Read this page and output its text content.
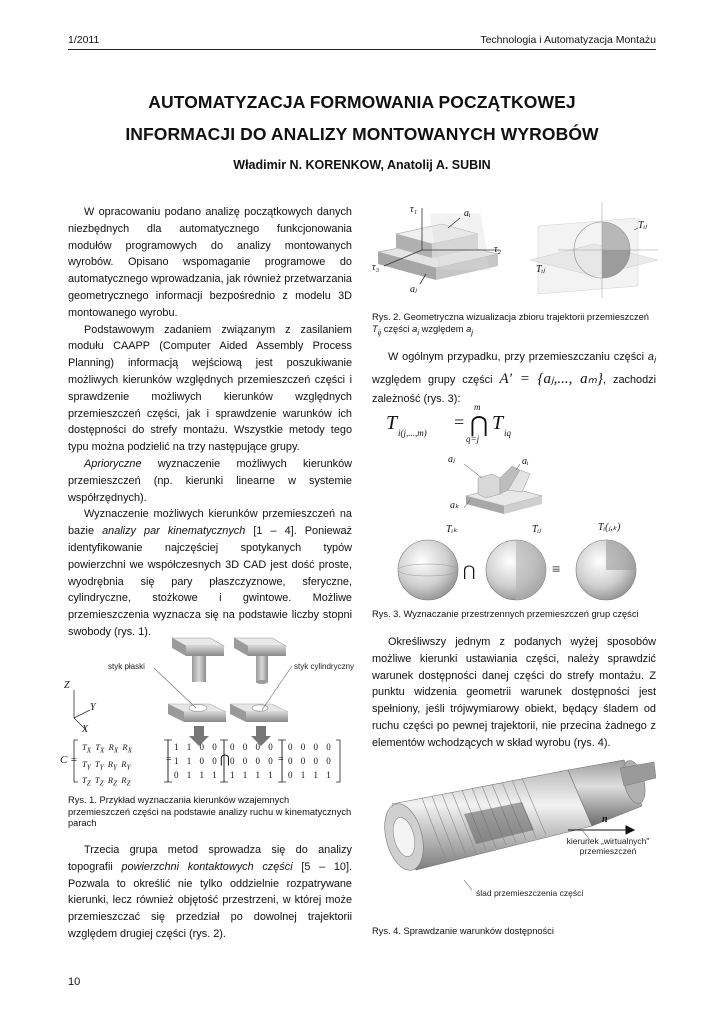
1/2011	Technologia i Automatyzacja Montażu
AUTOMATYZACJA FORMOWANIA POCZĄTKOWEJ
INFORMACJI DO ANALIZY MONTOWANYCH WYROBÓW
Władimir N. KORENKOW, Anatolij A. SUBIN

W opracowaniu podano analizę początkowych danych niezbędnych dla automatycznego funkcjonowania modułów programowych do analizy montowanych wyrobów. Opisano wspomaganie programowe do automatycznego wprowadzania, jak również przetwarzania geometrycznego informacji bezpośrednio z modelu 3D montowanego wyrobu.

Podstawowym zadaniem związanym z zasilaniem modułu CAAPP (Computer Aided Assembly Process Planning) informacją wejściową jest poszukiwanie możliwych kierunków względnych przemieszczeń części i sprawdzenie możliwych kierunków względnych przemieszczeń części, jak i sprawdzenie warunków ich dostępności do strefy montażu. Wszystkie metody tego typu można podzielić na trzy następujące grupy.

Aprioryczne wyznaczenie możliwych kierunków przemieszczeń (np. kierunki linearne w systemie współrzędnych).

Wyznaczenie możliwych kierunków przemieszczeń na bazie analizy par kinematycznych [1 – 4]. Ponieważ identyfikowanie najczęściej spotykanych typów powierzchni we współczesnych 3D CAD jest dość proste, wyodrębnia się pary płaszczyznowe, sferyczne, cylindryczne, stożkowe i gwintowe. Możliwe przemieszczenia wyznacza się na podstawie liczby stopni swobody (rys. 1).

styk płaski	styk cylindryczny
Z
Y
X
C =
$T_X$ $T_X$ $R_X$ $R_X$
$T_Y$ $T_Y$ $R_Y$ $R_Y$
$T_Z$ $T_Z$ $R_Z$ $R_Z$
=
1 1 0 0
1 1 0 0
0 1 1 1
⋂
0 0 0 0
0 0 0 0
1 1 1 1
=
0 0 0 0
0 0 0 0
0 1 1 1
Rys. 1. Przykład wyznaczania kierunków wzajemnych przemieszczeń części na podstawie analizy ruchu w kinematycznych parach

Trzecia grupa metod sprowadza się do analizy topografii powierzchni kontaktowych części [5 – 10]. Pozwala to określić nie tylko oddzielnie rozpatrywane kierunki, lecz również objętość przestrzeni, w której może przemieszczać się przedział po dowolnej trajektorii względem drugiej części (rys. 2).

τ₁	aᵢ
τ₂
τ₃
aⱼ
Tᵢⱼ
Tᵢⱼ
Rys. 2. Geometryczna wizualizacja zbioru trajektorii przemieszczeń $T_{ij}$ części $a_i$ względem $a_j$

W ogólnym przypadku, przy przemieszczaniu części $a_i$ względem grupy części A′ = {aⱼ,..., aₘ}, zachodzi zależność (rys. 3):

T i(j,...,m)
=
m
⋂
q=j
T iq
aⱼ	aᵢ
aₖ
Tᵢₖ	Tᵢⱼ	Tᵢ(ⱼ,ₖ)
⋂	≡
Rys. 3. Wyznaczanie przestrzennych przemieszczeń grup części

Określiwszy jednym z podanych wyżej sposobów możliwe kierunki ustawiania części, należy sprawdzić warunek dostępności danej części do strefy montażu. Z punktu widzenia geometrii warunek dostępności jest spełniony, jeśli trójwymiarowy obiekt, będący śladem od ruchu części po pewnej trajektorii, nie przecina żadnego z elementów wchodzących w skład wyrobu (rys. 4).

n
kierunek „wirtualnych" przemieszczeń
ślad przemieszczenia części
Rys. 4. Sprawdzanie warunków dostępności
10
